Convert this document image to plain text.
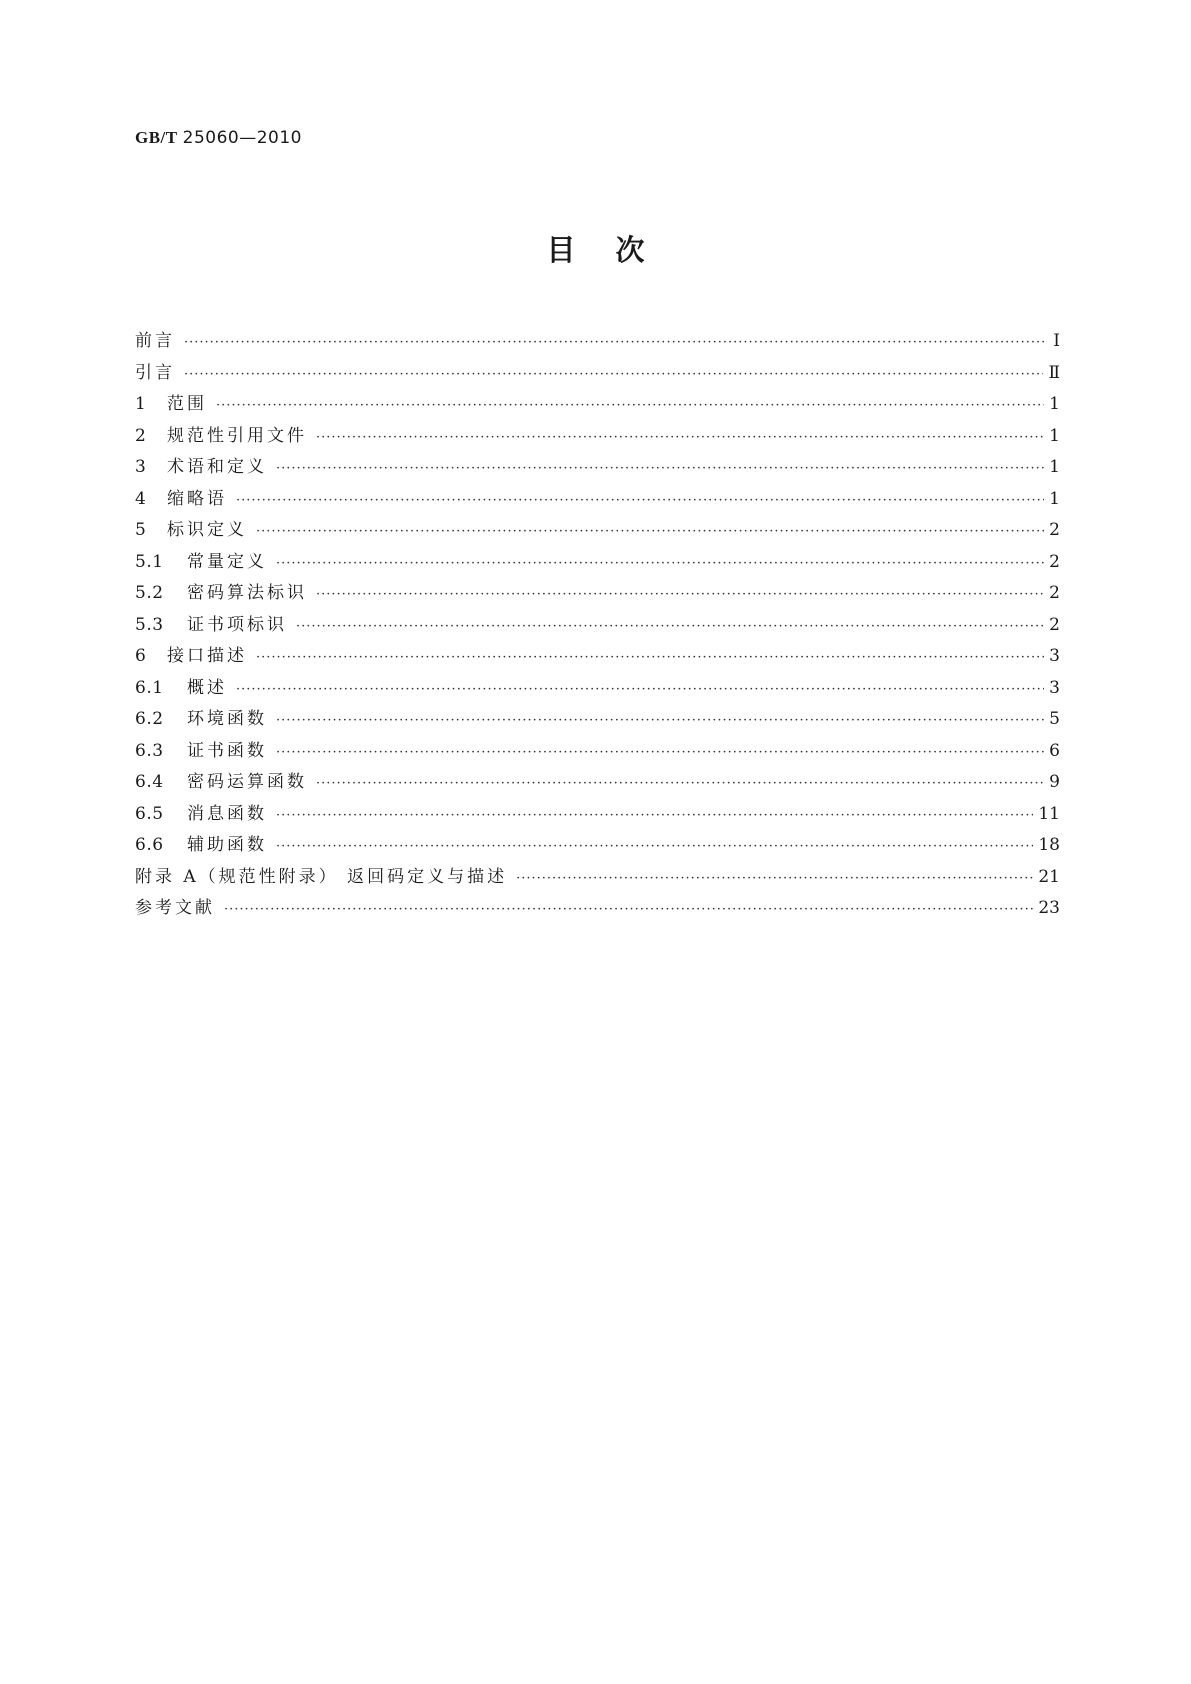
GB/T 25060—2010
目次
前言 ·····	Ⅰ
引言 ·····	Ⅱ
1	范围 ·····	1
2	规范性引用文件 ·····	1
3	术语和定义 ·····	1
4	缩略语 ·····	1
5	标识定义 ·····	2
5.1	常量定义 ·····	2
5.2	密码算法标识 ·····	2
5.3	证书项标识 ·····	2
6	接口描述 ·····	3
6.1	概述 ·····	3
6.2	环境函数 ·····	5
6.3	证书函数 ·····	6
6.4	密码运算函数 ·····	9
6.5	消息函数 ·····	11
6.6	辅助函数 ·····	18
附录 A（规范性附录） 返回码定义与描述 ·····	21
参考文献 ·····	23
